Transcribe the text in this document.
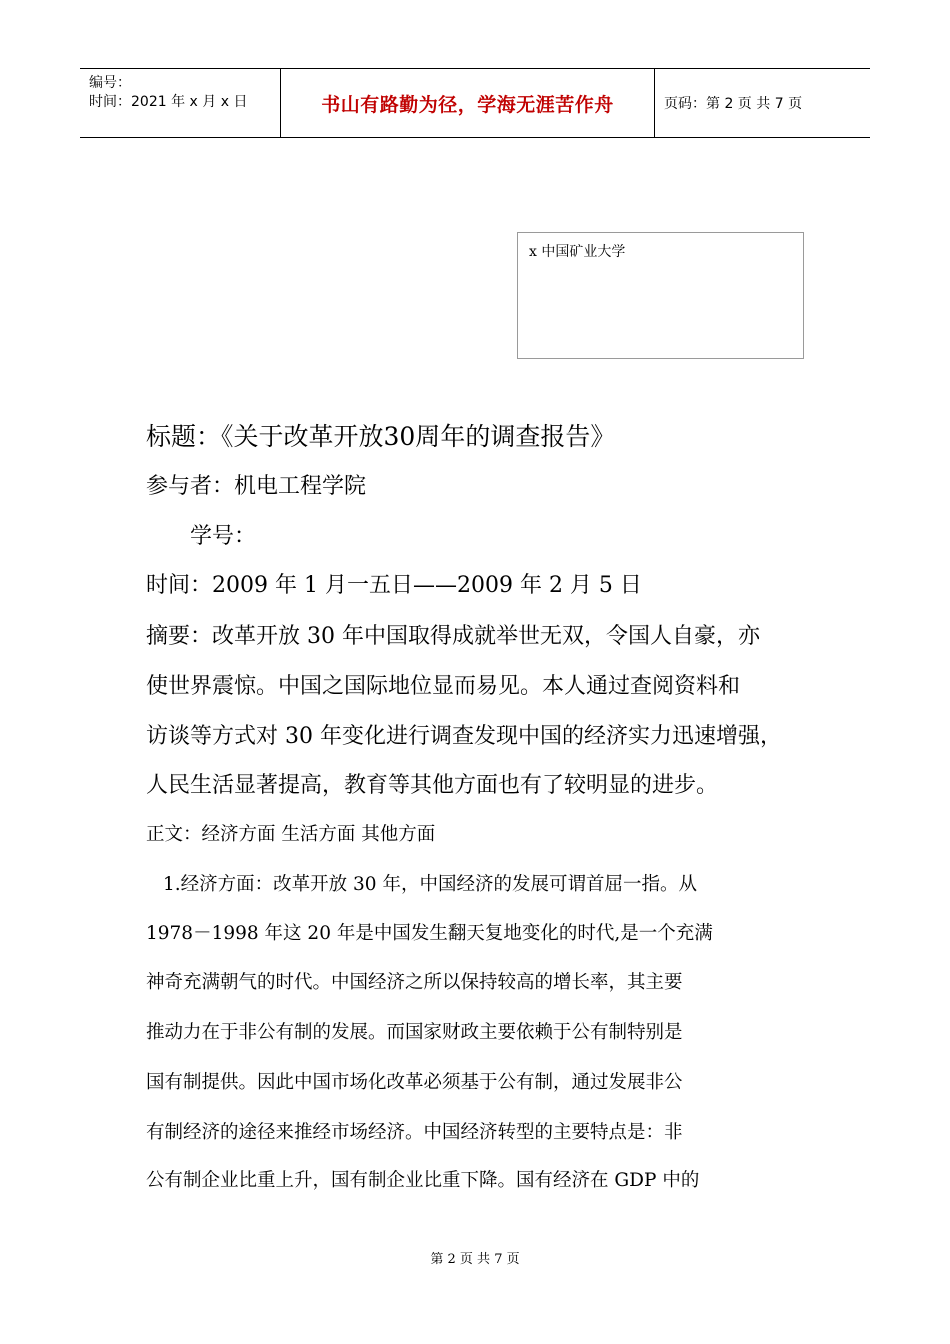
编号：
时间：2021 年 x 月 x 日	书山有路勤为径，学海无涯苦作舟	页码：第 2 页 共 7 页
x 中国矿业大学
标题：《关于改革开放30周年的调查报告》
参与者：机电工程学院
学号：
时间：2009 年 1 月一五日——2009 年 2 月 5 日
摘要：改革开放 30 年中国取得成就举世无双，令国人自豪，亦
使世界震惊。中国之国际地位显而易见。本人通过查阅资料和
访谈等方式对 30 年变化进行调查发现中国的经济实力迅速增强，
人民生活显著提高，教育等其他方面也有了较明显的进步。
正文：经济方面 生活方面 其他方面
1.经济方面：改革开放 30 年，中国经济的发展可谓首屈一指。从
1978－1998 年这 20 年是中国发生翻天复地变化的时代,是一个充满
神奇充满朝气的时代。中国经济之所以保持较高的增长率，其主要
推动力在于非公有制的发展。而国家财政主要依赖于公有制特别是
国有制提供。因此中国市场化改革必须基于公有制，通过发展非公
有制经济的途径来推经市场经济。中国经济转型的主要特点是：非
公有制企业比重上升，国有制企业比重下降。国有经济在 GDP 中的
第 2 页 共 7 页
